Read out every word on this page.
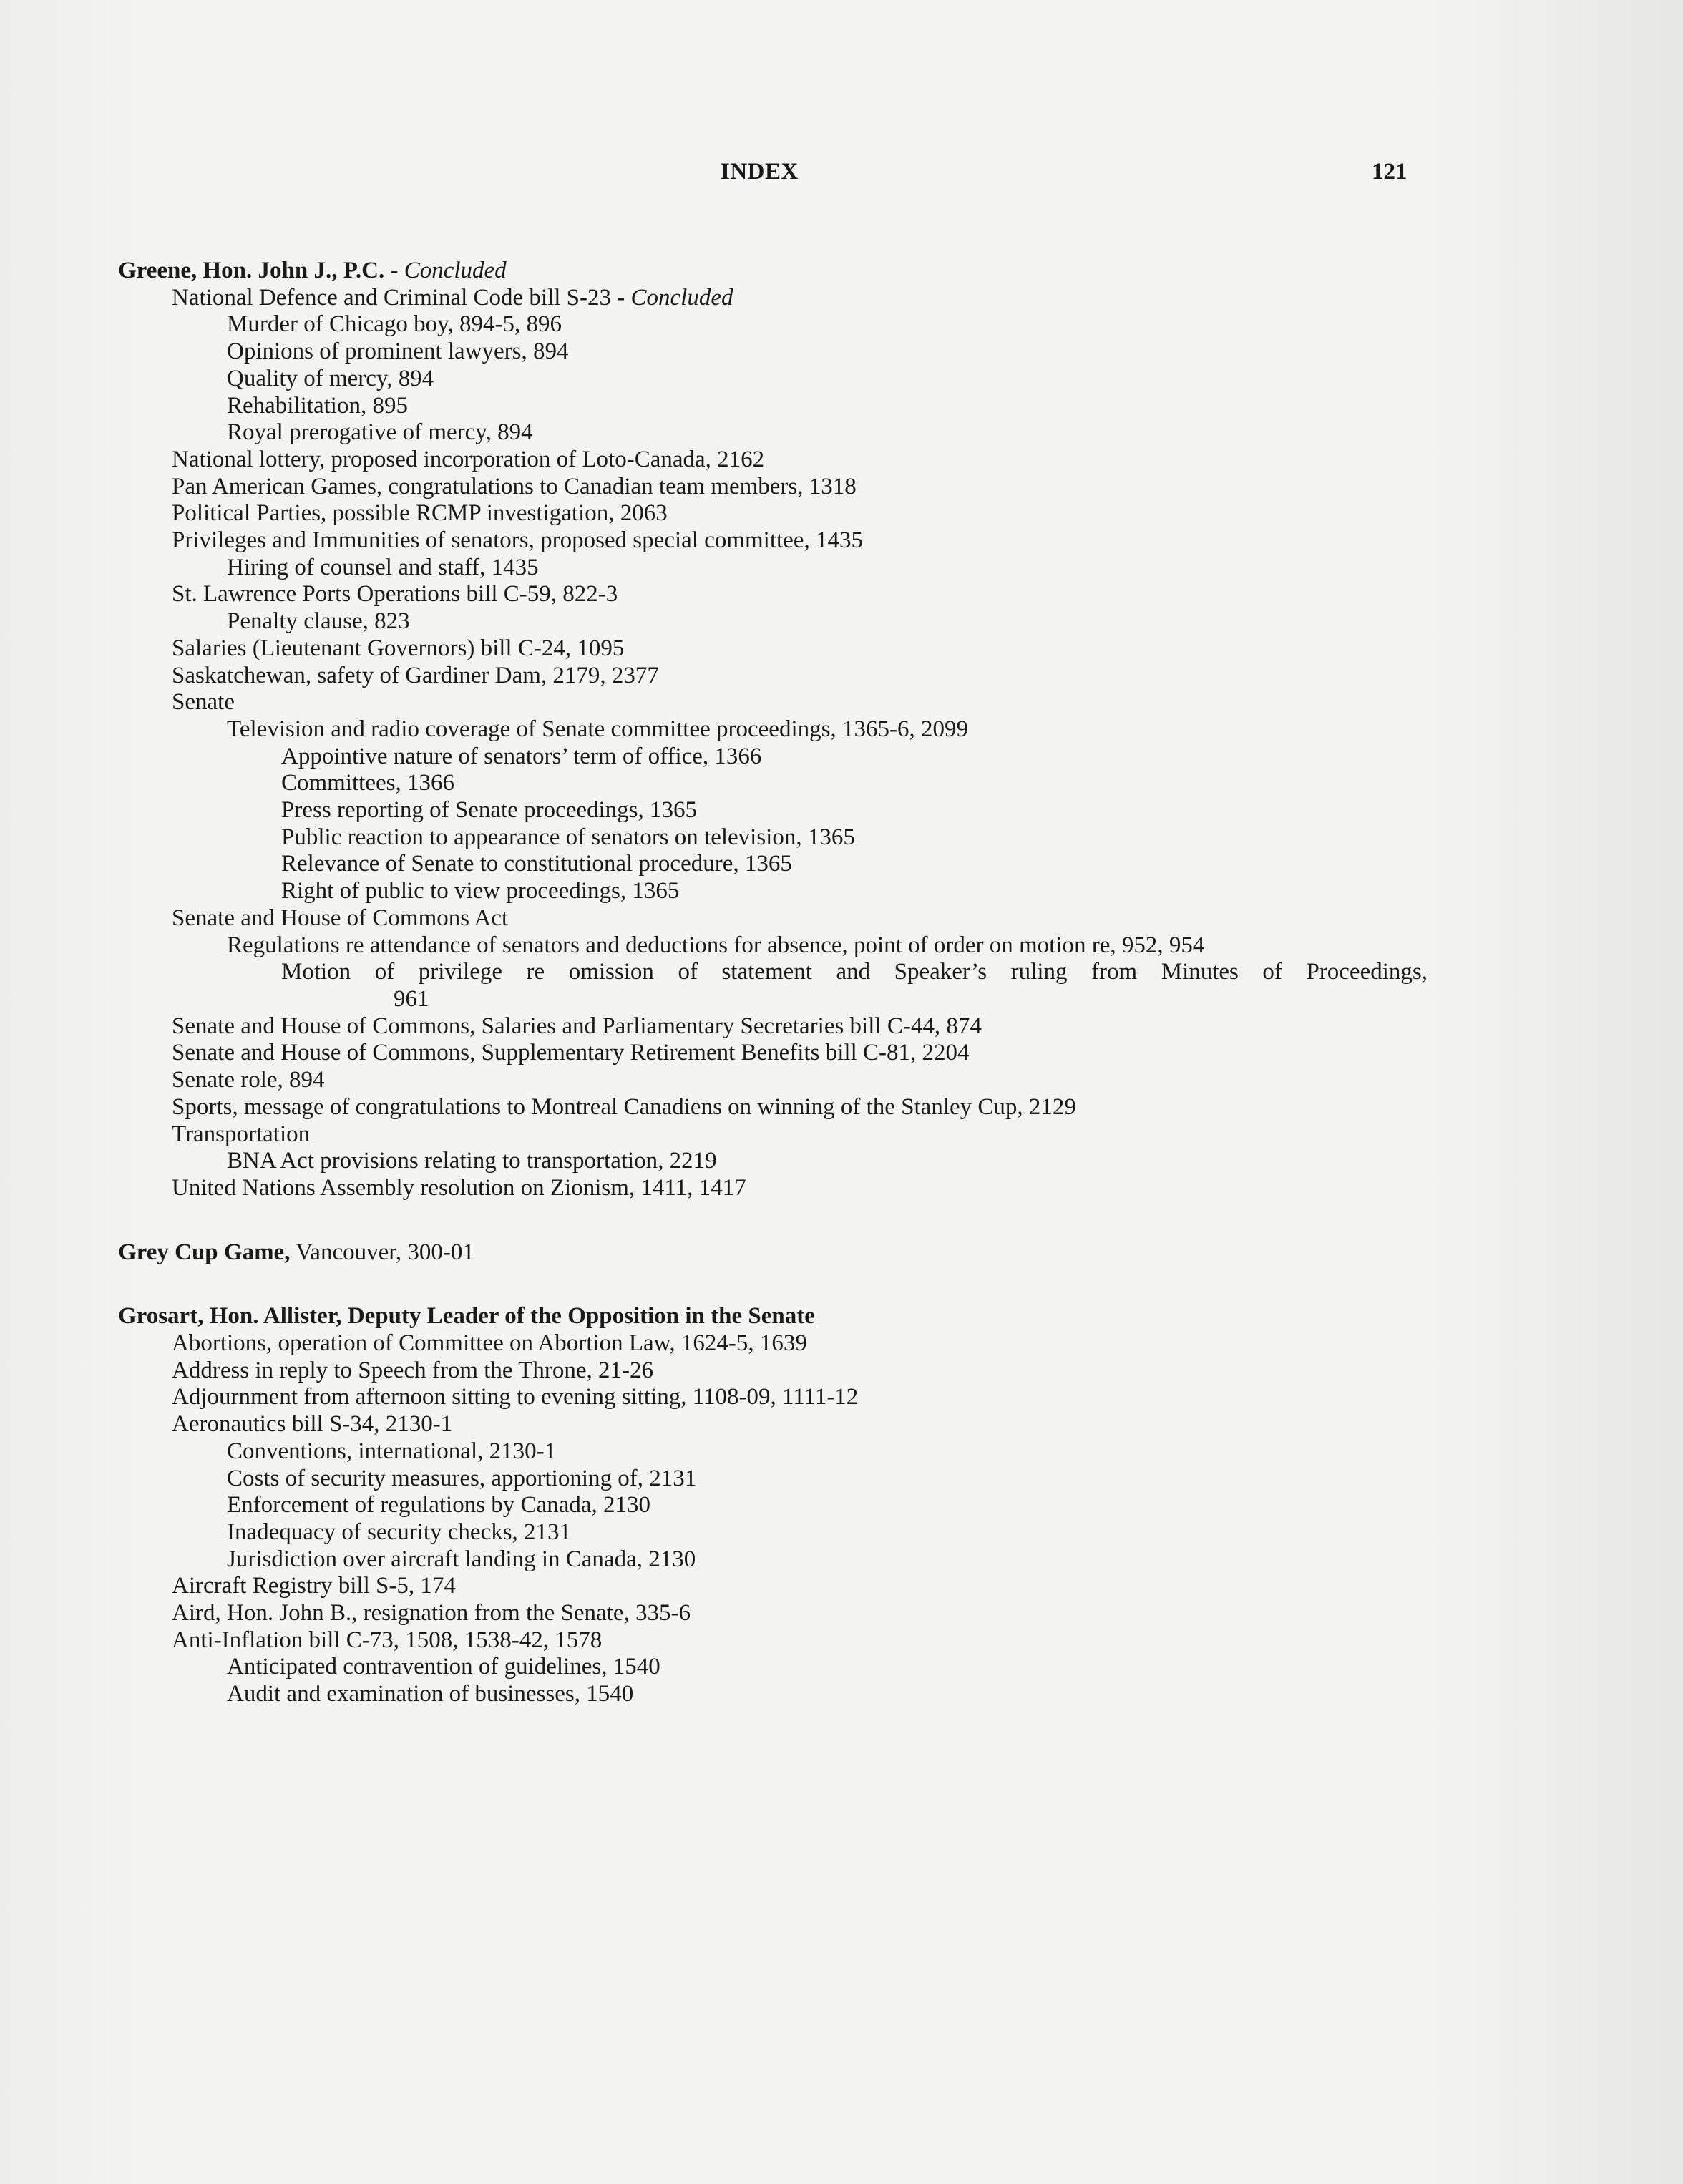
INDEX	121
Greene, Hon. John J., P.C. - Concluded
National Defence and Criminal Code bill S-23 - Concluded
Murder of Chicago boy, 894-5, 896
Opinions of prominent lawyers, 894
Quality of mercy, 894
Rehabilitation, 895
Royal prerogative of mercy, 894
National lottery, proposed incorporation of Loto-Canada, 2162
Pan American Games, congratulations to Canadian team members, 1318
Political Parties, possible RCMP investigation, 2063
Privileges and Immunities of senators, proposed special committee, 1435
Hiring of counsel and staff, 1435
St. Lawrence Ports Operations bill C-59, 822-3
Penalty clause, 823
Salaries (Lieutenant Governors) bill C-24, 1095
Saskatchewan, safety of Gardiner Dam, 2179, 2377
Senate
Television and radio coverage of Senate committee proceedings, 1365-6, 2099
Appointive nature of senators’ term of office, 1366
Committees, 1366
Press reporting of Senate proceedings, 1365
Public reaction to appearance of senators on television, 1365
Relevance of Senate to constitutional procedure, 1365
Right of public to view proceedings, 1365
Senate and House of Commons Act
Regulations re attendance of senators and deductions for absence, point of order on motion re, 952, 954
Motion of privilege re omission of statement and Speaker’s ruling from Minutes of Proceedings,
961
Senate and House of Commons, Salaries and Parliamentary Secretaries bill C-44, 874
Senate and House of Commons, Supplementary Retirement Benefits bill C-81, 2204
Senate role, 894
Sports, message of congratulations to Montreal Canadiens on winning of the Stanley Cup, 2129
Transportation
BNA Act provisions relating to transportation, 2219
United Nations Assembly resolution on Zionism, 1411, 1417
Grey Cup Game, Vancouver, 300-01
Grosart, Hon. Allister, Deputy Leader of the Opposition in the Senate
Abortions, operation of Committee on Abortion Law, 1624-5, 1639
Address in reply to Speech from the Throne, 21-26
Adjournment from afternoon sitting to evening sitting, 1108-09, 1111-12
Aeronautics bill S-34, 2130-1
Conventions, international, 2130-1
Costs of security measures, apportioning of, 2131
Enforcement of regulations by Canada, 2130
Inadequacy of security checks, 2131
Jurisdiction over aircraft landing in Canada, 2130
Aircraft Registry bill S-5, 174
Aird, Hon. John B., resignation from the Senate, 335-6
Anti-Inflation bill C-73, 1508, 1538-42, 1578
Anticipated contravention of guidelines, 1540
Audit and examination of businesses, 1540
